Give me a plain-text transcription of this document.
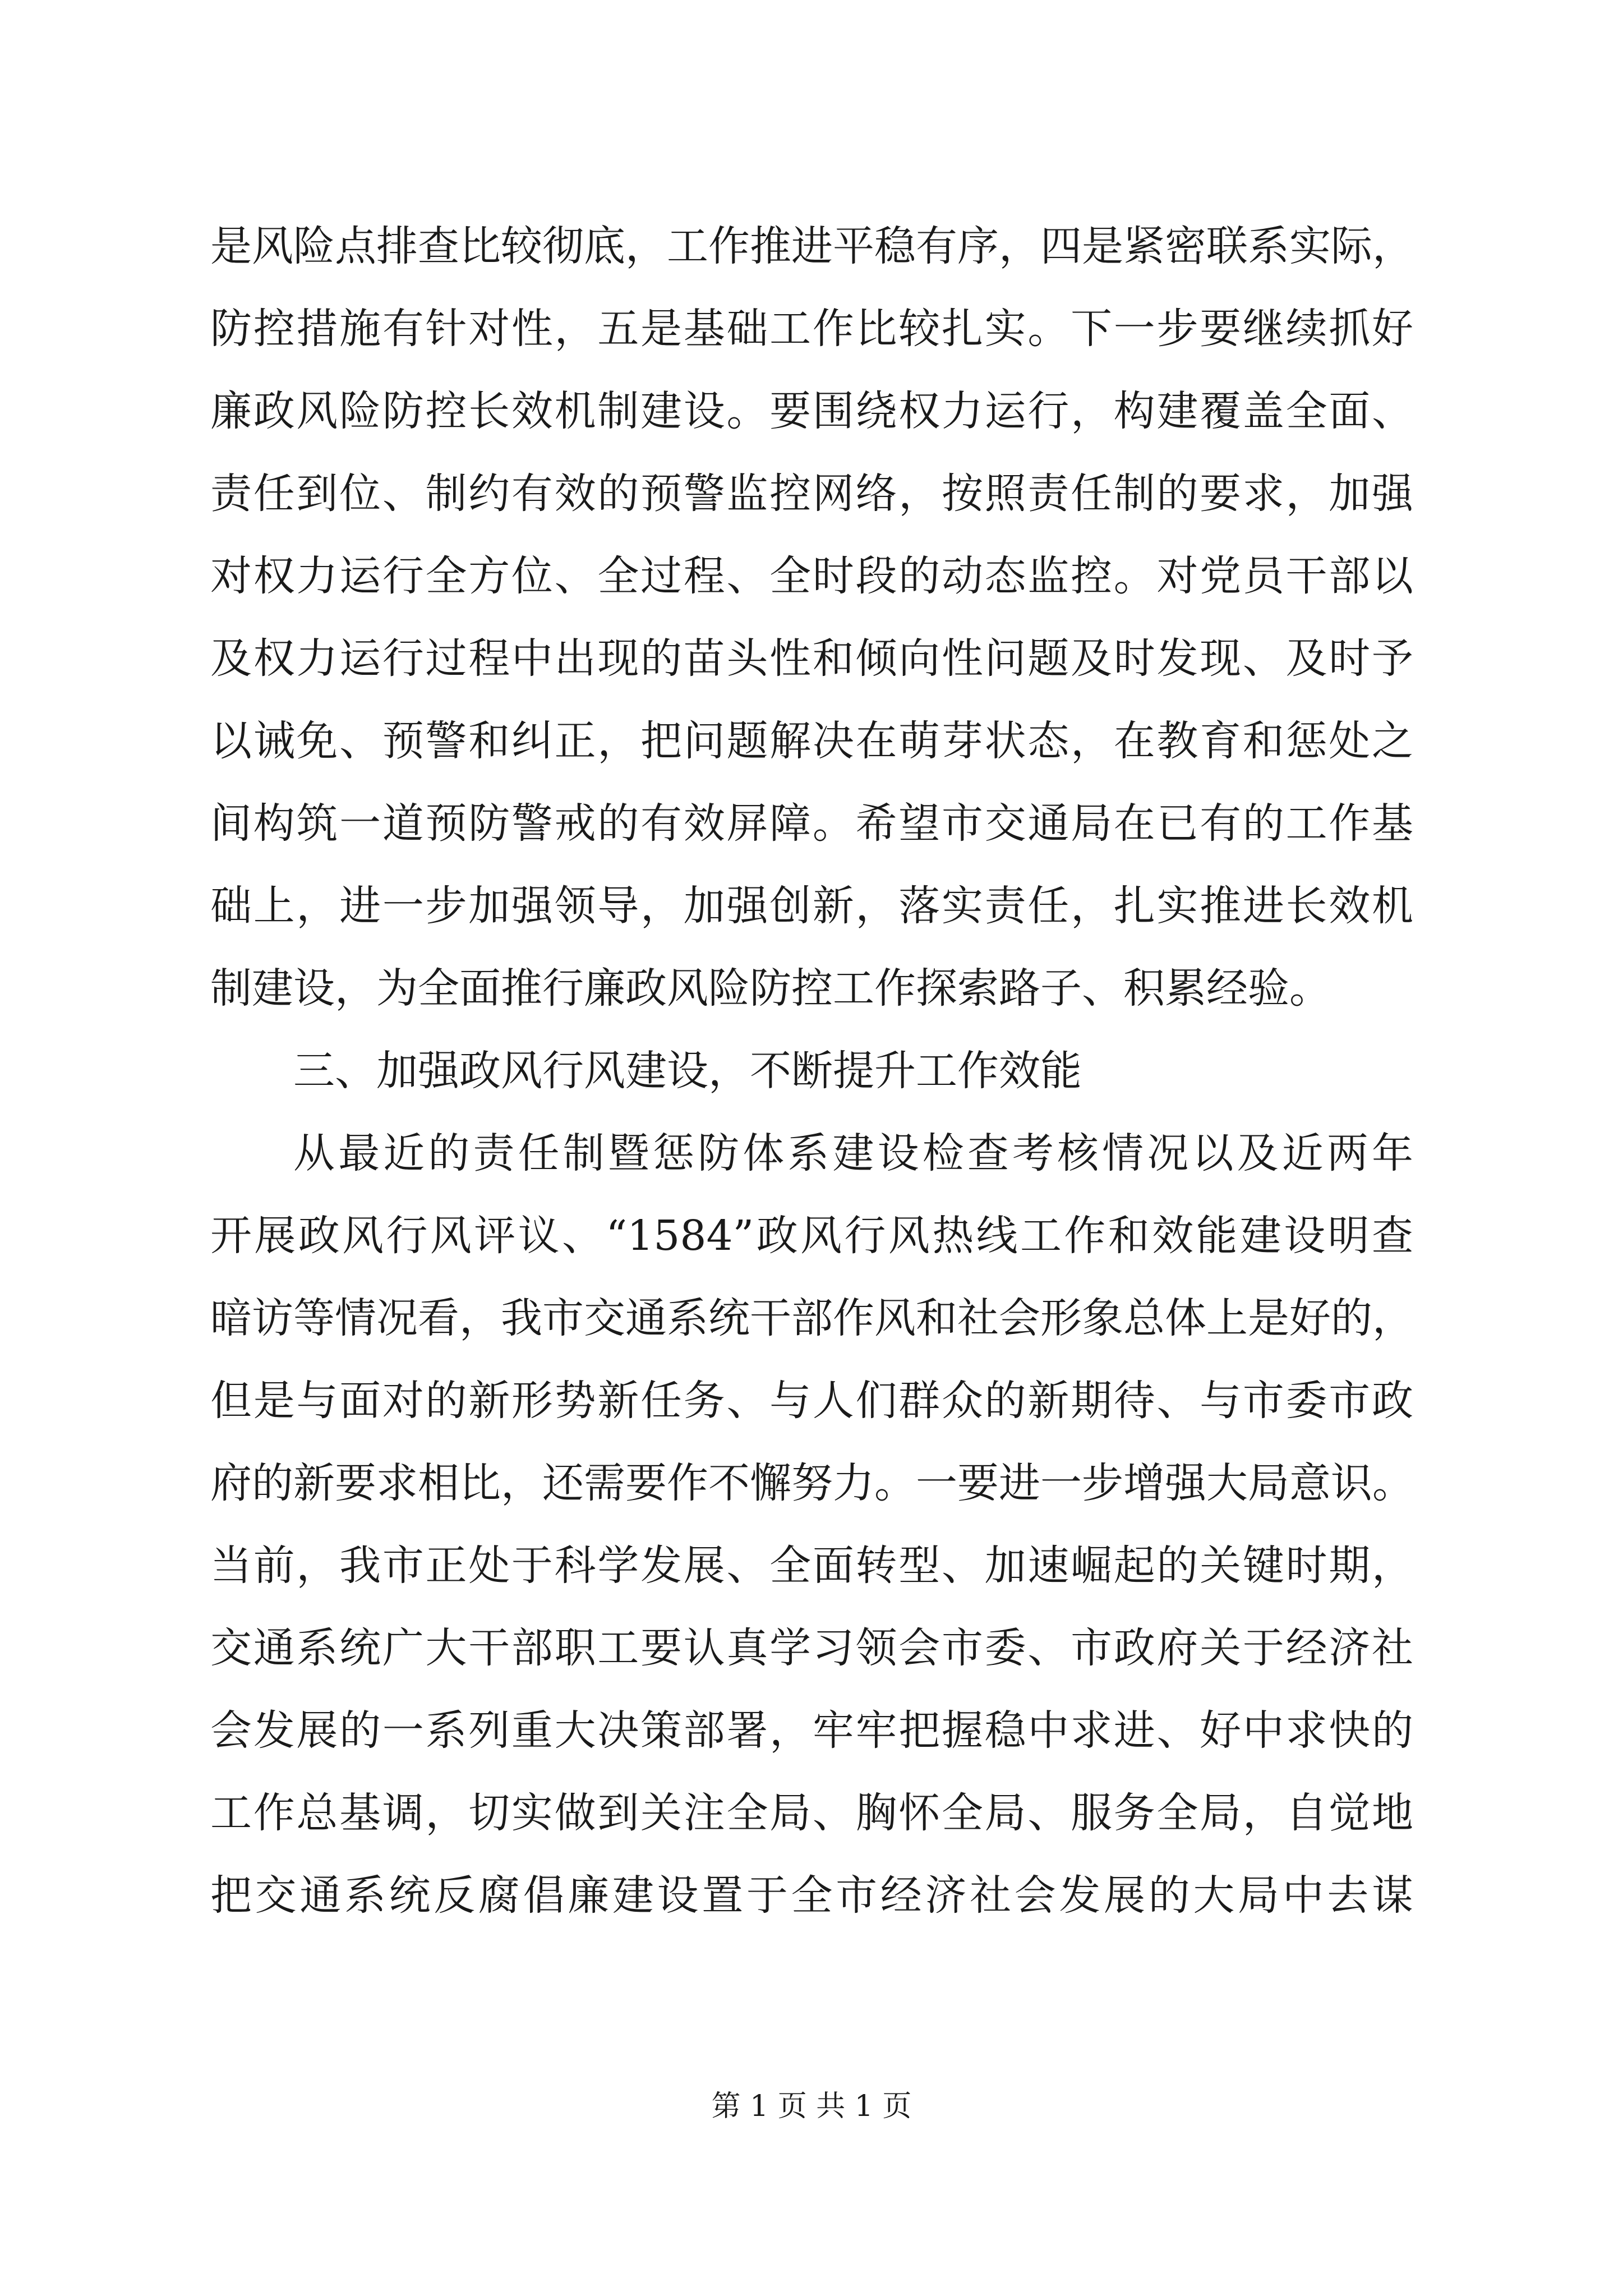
是风险点排查比较彻底，工作推进平稳有序，四是紧密联系实际，
防控措施有针对性，五是基础工作比较扎实。下一步要继续抓好
廉政风险防控长效机制建设。要围绕权力运行，构建覆盖全面、
责任到位、制约有效的预警监控网络，按照责任制的要求，加强
对权力运行全方位、全过程、全时段的动态监控。对党员干部以
及权力运行过程中出现的苗头性和倾向性问题及时发现、及时予
以诫免、预警和纠正，把问题解决在萌芽状态，在教育和惩处之
间构筑一道预防警戒的有效屏障。希望市交通局在已有的工作基
础上，进一步加强领导，加强创新，落实责任，扎实推进长效机
制建设，为全面推行廉政风险防控工作探索路子、积累经验。
三、加强政风行风建设，不断提升工作效能
从最近的责任制暨惩防体系建设检查考核情况以及近两年
开展政风行风评议、“1584”政风行风热线工作和效能建设明查
暗访等情况看，我市交通系统干部作风和社会形象总体上是好的，
但是与面对的新形势新任务、与人们群众的新期待、与市委市政
府的新要求相比，还需要作不懈努力。一要进一步增强大局意识。
当前，我市正处于科学发展、全面转型、加速崛起的关键时期，
交通系统广大干部职工要认真学习领会市委、市政府关于经济社
会发展的一系列重大决策部署，牢牢把握稳中求进、好中求快的
工作总基调，切实做到关注全局、胸怀全局、服务全局，自觉地
把交通系统反腐倡廉建设置于全市经济社会发展的大局中去谋
第 1 页 共 1 页
